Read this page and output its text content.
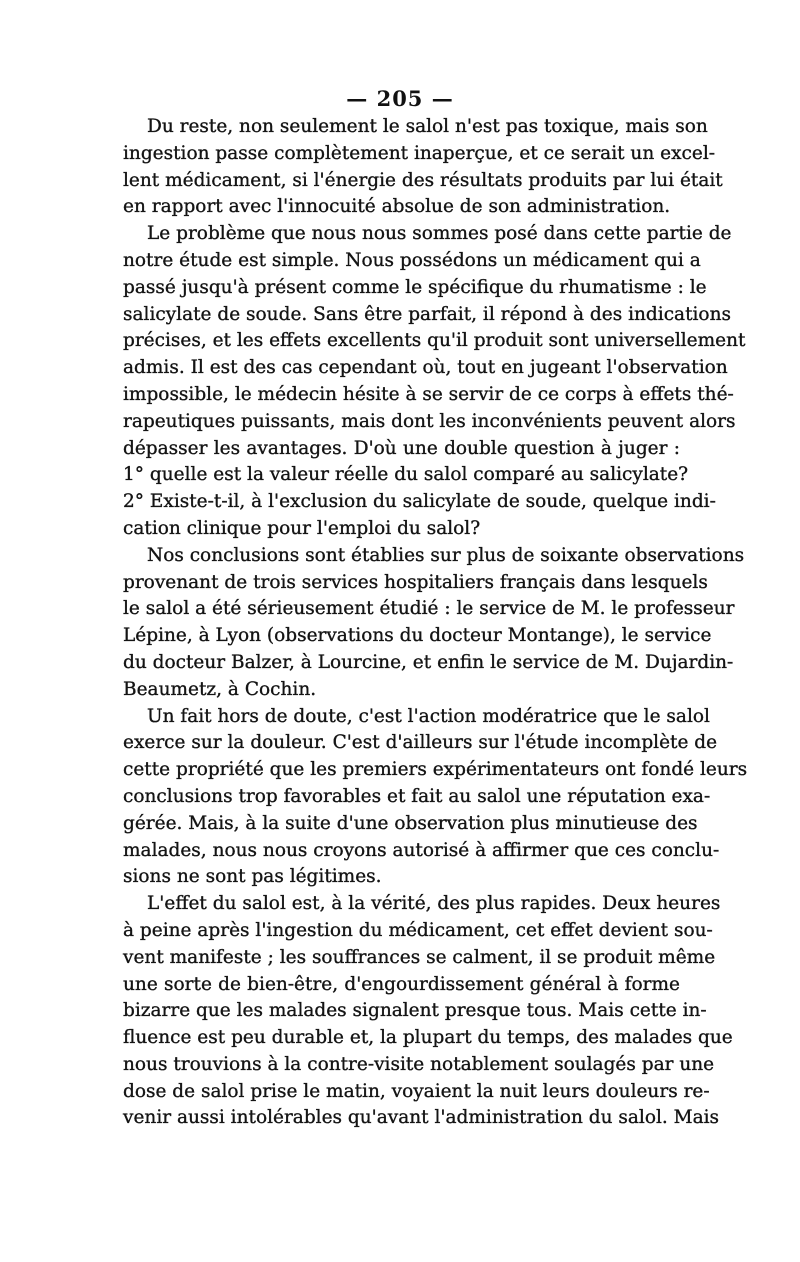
— 205 —
Du reste, non seulement le salol n'est pas toxique, mais son
ingestion passe complètement inaperçue, et ce serait un excel-
lent médicament, si l'énergie des résultats produits par lui était
en rapport avec l'innocuité absolue de son administration.
Le problème que nous nous sommes posé dans cette partie de
notre étude est simple. Nous possédons un médicament qui a
passé jusqu'à présent comme le spécifique du rhumatisme : le
salicylate de soude. Sans être parfait, il répond à des indications
précises, et les effets excellents qu'il produit sont universellement
admis. Il est des cas cependant où, tout en jugeant l'observation
impossible, le médecin hésite à se servir de ce corps à effets thé-
rapeutiques puissants, mais dont les inconvénients peuvent alors
dépasser les avantages. D'où une double question à juger :
1° quelle est la valeur réelle du salol comparé au salicylate?
2° Existe-t-il, à l'exclusion du salicylate de soude, quelque indi-
cation clinique pour l'emploi du salol?
Nos conclusions sont établies sur plus de soixante observations
provenant de trois services hospitaliers français dans lesquels
le salol a été sérieusement étudié : le service de M. le professeur
Lépine, à Lyon (observations du docteur Montange), le service
du docteur Balzer, à Lourcine, et enfin le service de M. Dujardin-
Beaumetz, à Cochin.
Un fait hors de doute, c'est l'action modératrice que le salol
exerce sur la douleur. C'est d'ailleurs sur l'étude incomplète de
cette propriété que les premiers expérimentateurs ont fondé leurs
conclusions trop favorables et fait au salol une réputation exa-
gérée. Mais, à la suite d'une observation plus minutieuse des
malades, nous nous croyons autorisé à affirmer que ces conclu-
sions ne sont pas légitimes.
L'effet du salol est, à la vérité, des plus rapides. Deux heures
à peine après l'ingestion du médicament, cet effet devient sou-
vent manifeste ; les souffrances se calment, il se produit même
une sorte de bien-être, d'engourdissement général à forme
bizarre que les malades signalent presque tous. Mais cette in-
fluence est peu durable et, la plupart du temps, des malades que
nous trouvions à la contre-visite notablement soulagés par une
dose de salol prise le matin, voyaient la nuit leurs douleurs re-
venir aussi intolérables qu'avant l'administration du salol. Mais
